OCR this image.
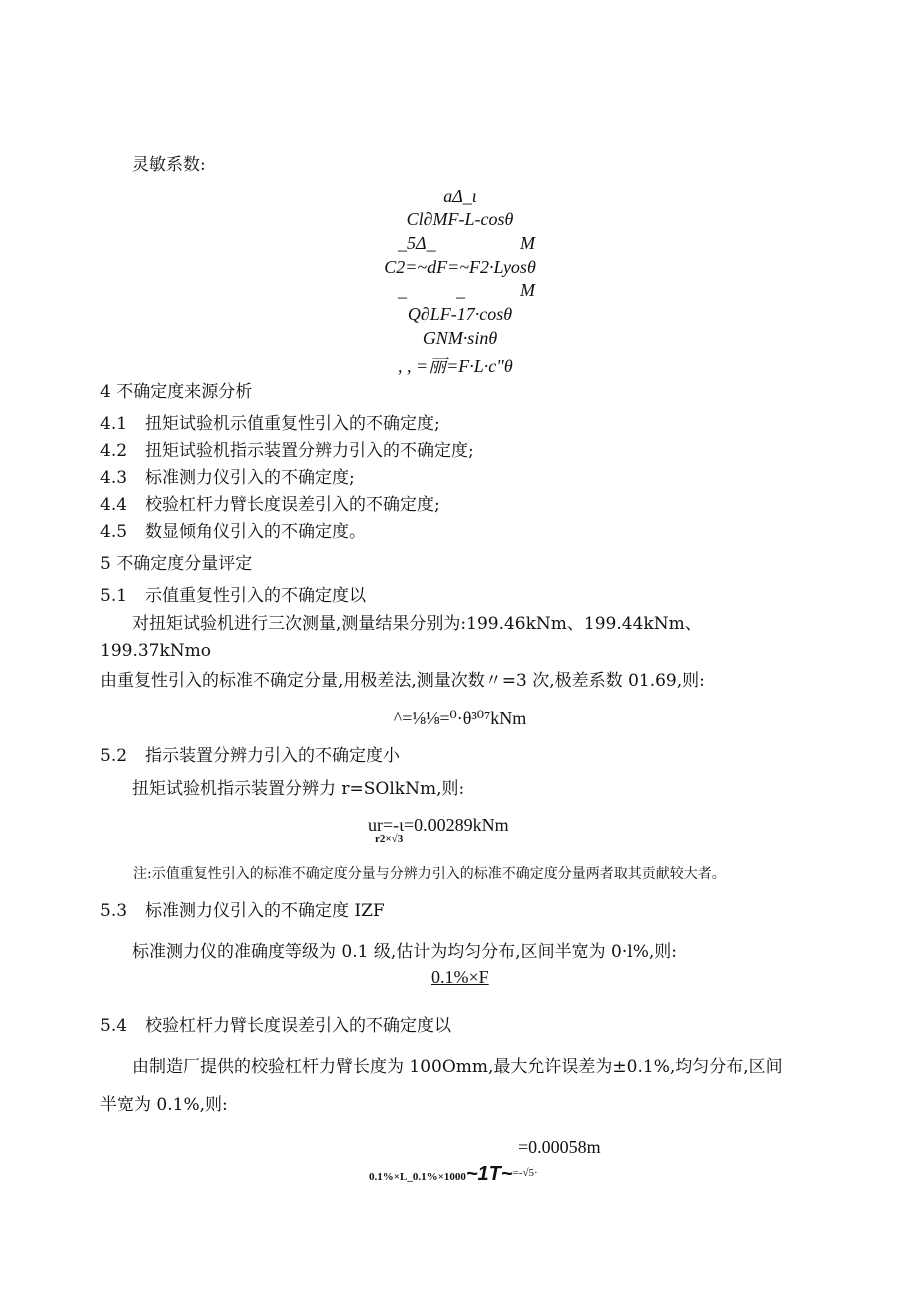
灵敏系数:
aΔ_ι
Cl∂MF-L-cosθ
_5Δ_	M
C2=~dF=~F2·Lyosθ
_	_	M
Q∂LF-17·cosθ
GNM·sinθ
, , =丽=F·L·c"θ
4 不确定度来源分析
4.1 扭矩试验机示值重复性引入的不确定度;
4.2 扭矩试验机指示装置分辨力引入的不确定度;
4.3 标准测力仪引入的不确定度;
4.4 校验杠杆力臂长度误差引入的不确定度;
4.5 数显倾角仪引入的不确定度。
5 不确定度分量评定
5.1 示值重复性引入的不确定度以
对扭矩试验机进行三次测量,测量结果分别为:199.46kNm、199.44kNm、
199.37kNmo
由重复性引入的标准不确定分量,用极差法,测量次数〃=3 次,极差系数 01.69,则:
^=⅛⅛=⁰·θ³⁰⁷kNm
5.2 指示装置分辨力引入的不确定度小
扭矩试验机指示装置分辨力 r=SOlkNm,则:
ur=-ι=0.00289kNm
r2×√3
注:示值重复性引入的标准不确定度分量与分辨力引入的标准不确定度分量两者取其贡献较大者。
5.3 标准测力仪引入的不确定度 IZF
标准测力仪的准确度等级为 0.1 级,估计为均匀分布,区间半宽为 0·l%,则:
0.1%×F
5.4 校验杠杆力臂长度误差引入的不确定度以
由制造厂提供的校验杠杆力臂长度为 100Omm,最大允许误差为±0.1%,均匀分布,区间
半宽为 0.1%,则:
=0.00058m
0.1%×L_0.1%×1000~1T~$^{=-√5\cdot}$
